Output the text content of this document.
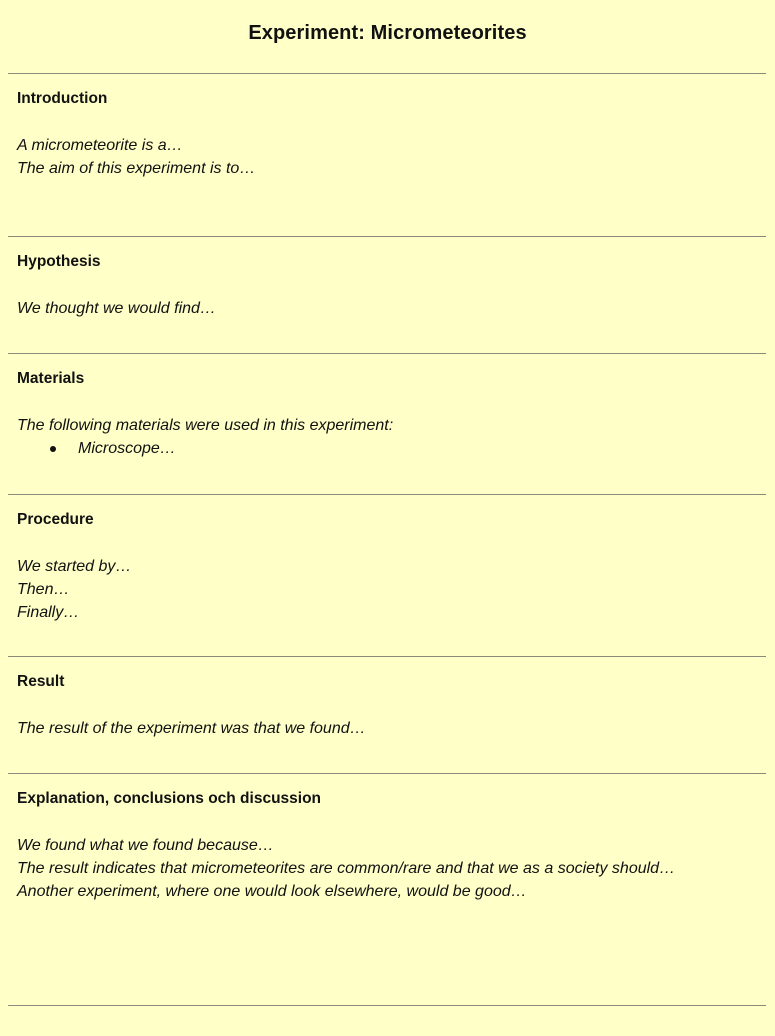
Experiment: Micrometeorites
Introduction
A micrometeorite is a…
The aim of this experiment is to…
Hypothesis
We thought we would find…
Materials
The following materials were used in this experiment:
Microscope…
Procedure
We started by…
Then…
Finally…
Result
The result of the experiment was that we found…
Explanation, conclusions och discussion
We found what we found because…
The result indicates that micrometeorites are common/rare and that we as a society should…
Another experiment, where one would look elsewhere, would be good…
